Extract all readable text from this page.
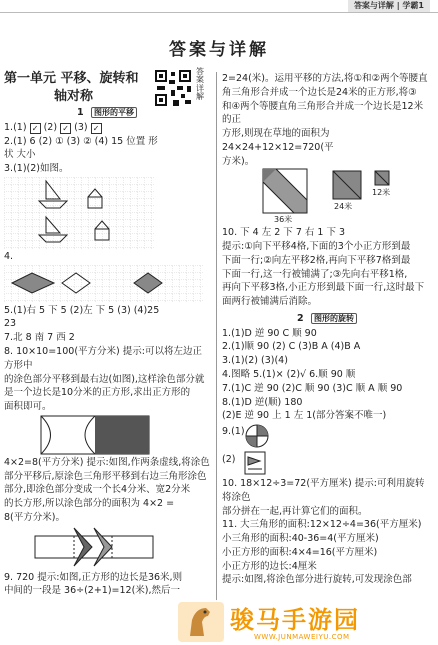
答案与详解 | 学霸1
答案与详解
答案详解

第一单元 平移、旋转和

轴对称

1 图形的平移

1.(1) ✓ (2) ✓ (3) ✓

2.(1) 6 (2) ① (3) ② (4) 15 位置 形

状 大小

3.(1)(2)如图。

4.

5.(1)右 5 下 5 (2)左 下 5 (3) (4)25

23

7.北 8 南 7 西 2

8. 10×10=100(平方分米) 提示:可以将左边正方形中

的涂色部分平移到最右边(如图),这样涂色部分就

是一个边长是10分米的正方形,求出正方形的

面积即可。

4×2=8(平方分米) 提示:如图,作两条虚线,将涂色

部分平移后,原涂色三角形平移到右边三角形涂色

部分,即涂色部分变成一个长4分米、宽2分米

的长方形,所以涂色部分的面积为 4×2 =

8(平方分米)。

9. 720 提示:如图,正方形的边长是36米,则

中间的一段是 36÷(2+1)=12(米),然后一

2=24(米)。运用平移的方法,将①和②两个等腰直

角三角形合并成一个边长是24米的正方形,将③

和④两个等腰直角三角形合并成一个边长是12米的正

方形,则现在草地的面积为 24×24+12×12=720(平

方米)。

36米
24米
12米

10. 下 4 左 2 下 7 右 1 下 3

提示:①向下平移4格,下面的3个小正方形到最

下面一行;②向左平移2格,再向下平移7格到最

下面一行,这一行被铺满了;③先向右平移1格,

再向下平移3格,小正方形到最下面一行,这时最下

面两行被铺满后消除。

2 图形的旋转

1.(1)D 逆 90 C 顺 90

2.(1)顺 90 (2) C (3)B A (4)B A

3.(1)(2) (3)(4)

4.图略 5.(1)× (2)√ 6.顺 90 顺

7.(1)C 逆 90 (2)C 顺 90 (3)C 顺 A 顺 90

8.(1)D 逆(顺) 180

(2)E 逆 90 上 1 左 1(部分答案不唯一)

9.(1)
(2)

10. 18×12÷3=72(平方厘米) 提示:可利用旋转将涂色

部分拼在一起,再计算它们的面积。

11. 大三角形的面积:12×12÷4=36(平方厘米)

小三角形的面积:40-36=4(平方厘米)

小正方形的面积:4×4=16(平方厘米)

小正方形的边长:4厘米

提示:如图,将涂色部分进行旋转,可发现涂色部

骏马手游园
WWW.JUNMAWEIYU.COM
